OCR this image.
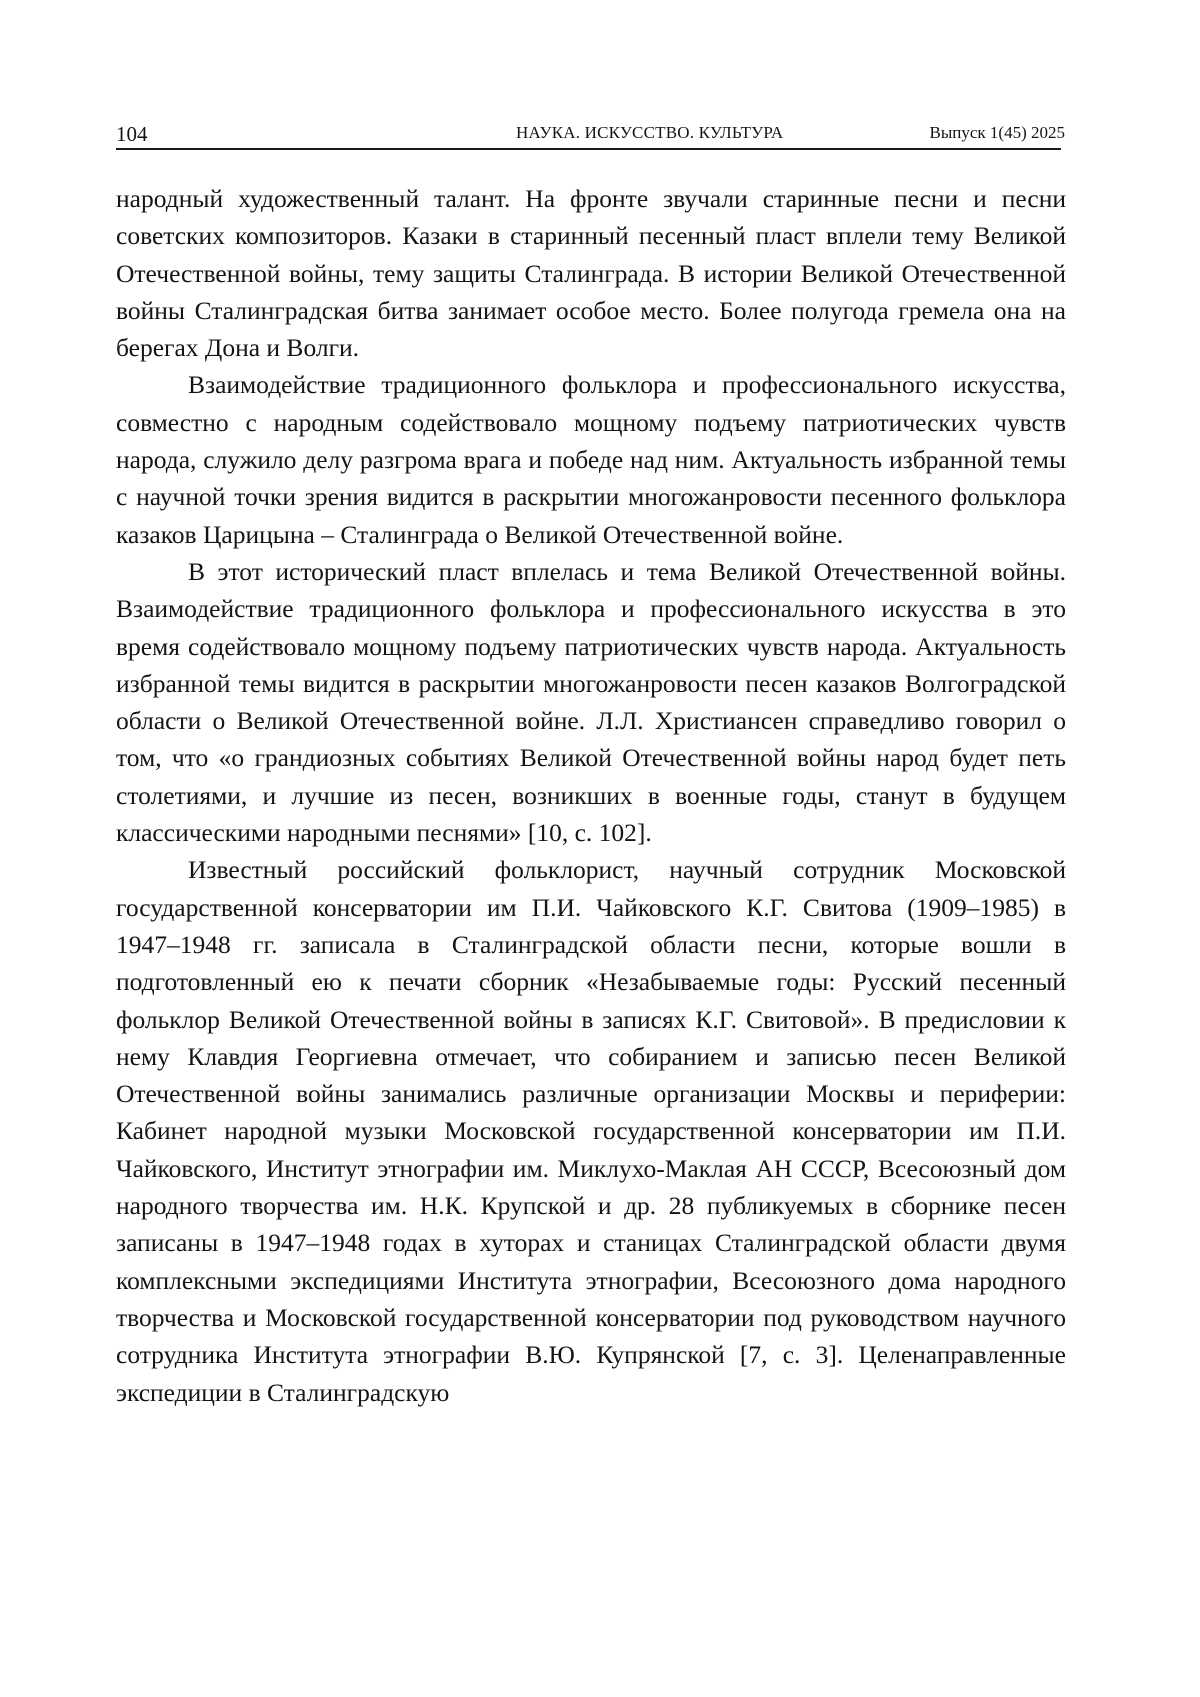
104	НАУКА. ИСКУССТВО. КУЛЬТУРА	Выпуск 1(45) 2025

народный художественный талант. На фронте звучали старинные песни и песни советских композиторов. Казаки в старинный песенный пласт вплели тему Великой Отечественной войны, тему защиты Сталинграда. В истории Великой Отечественной войны Сталинградская битва занимает особое место. Более полугода гремела она на берегах Дона и Волги.

Взаимодействие традиционного фольклора и профессионального искусства, совместно с народным содействовало мощному подъему патриотических чувств народа, служило делу разгрома врага и победе над ним. Актуальность избранной темы с научной точки зрения видится в раскрытии многожанровости песенного фольклора казаков Царицына – Сталинграда о Великой Отечественной войне.

В этот исторический пласт вплелась и тема Великой Отечественной войны. Взаимодействие традиционного фольклора и профессионального искусства в это время содействовало мощному подъему патриотических чувств народа. Актуальность избранной темы видится в раскрытии многожанровости песен казаков Волгоградской области о Великой Отечественной войне. Л.Л. Христиансен справедливо говорил о том, что «о грандиозных событиях Великой Отечественной войны народ будет петь столетиями, и лучшие из песен, возникших в военные годы, станут в будущем классическими народными песнями» [10, с. 102].

Известный российский фольклорист, научный сотрудник Московской государственной консерватории им П.И. Чайковского К.Г. Свитова (1909–1985) в 1947–1948 гг. записала в Сталинградской области песни, которые вошли в подготовленный ею к печати сборник «Незабываемые годы: Русский песенный фольклор Великой Отечественной войны в записях К.Г. Свитовой». В предисловии к нему Клавдия Георгиевна отмечает, что собиранием и записью песен Великой Отечественной войны занимались различные организации Москвы и периферии: Кабинет народной музыки Московской государственной консерватории им П.И. Чайковского, Институт этнографии им. Миклухо-Маклая АН СССР, Всесоюзный дом народного творчества им. Н.К. Крупской и др. 28 публикуемых в сборнике песен записаны в 1947–1948 годах в хуторах и станицах Сталинградской области двумя комплексными экспедициями Института этнографии, Всесоюзного дома народного творчества и Московской государственной консерватории под руководством научного сотрудника Института этнографии В.Ю. Купрянской [7, с. 3]. Целенаправленные экспедиции в Сталинградскую
